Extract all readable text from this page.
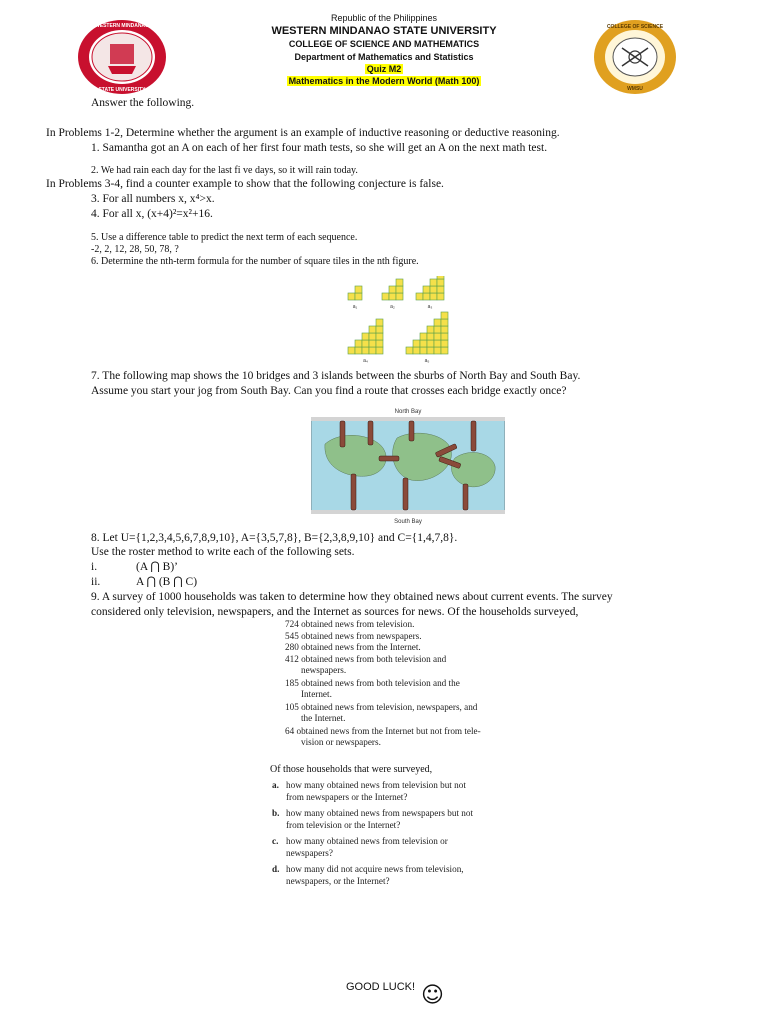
WESTERN MINDANAO
STATE UNIVERSITY
COLLEGE OF SCIENCE
WMSU
Republic of the Philippines
WESTERN MINDANAO STATE UNIVERSITY
COLLEGE OF SCIENCE AND MATHEMATICS
Department of Mathematics and Statistics
Quiz M2
Mathematics in the Modern World (Math 100)
Answer the following.
In Problems 1-2, Determine whether the argument is an example of inductive reasoning or deductive reasoning.
1. Samantha got an A on each of her first four math tests, so she will get an A on the next math test.
2. We had rain each day for the last fi ve days, so it will rain today.
In Problems 3-4, find a counter example to show that the following conjecture is false.
3. For all numbers x, x⁴>x.
4. For all x, (x+4)²=x²+16.
5. Use a difference table to predict the next term of each sequence.
-2, 2, 12, 28, 50, 78, ?
6. Determine the nth-term formula for the number of square tiles in the nth figure.
a₁	a₂	a₃
a₄	a₅
7. The following map shows the 10 bridges and 3 islands between the sburbs of North Bay and South Bay.
Assume you start your jog from South Bay. Can you find a route that crosses each bridge exactly once?
North Bay
South Bay
8. Let U={1,2,3,4,5,6,7,8,9,10}, A={3,5,7,8}, B={2,3,8,9,10} and C={1,4,7,8}.
Use the roster method to write each of the following sets.
i.	(A ⋂ B)’
ii.	A ⋂ (B ⋂ C)
9. A survey of 1000 households was taken to determine how they obtained news about current events. The survey
considered only television, newspapers, and the Internet as sources for news. Of the households surveyed,
724 obtained news from television.
545 obtained news from newspapers.
280 obtained news from the Internet.
412 obtained news from both television and
newspapers.
185 obtained news from both television and the
Internet.
105 obtained news from television, newspapers, and
the Internet.
64 obtained news from the Internet but not from tele-
vision or newspapers.
Of those households that were surveyed,
a. how many obtained news from television but not
from newspapers or the Internet?
b. how many obtained news from newspapers but not
from television or the Internet?
c. how many obtained news from television or
newspapers?
d. how many did not acquire news from television,
newspapers, or the Internet?
GOOD LUCK! ☺
